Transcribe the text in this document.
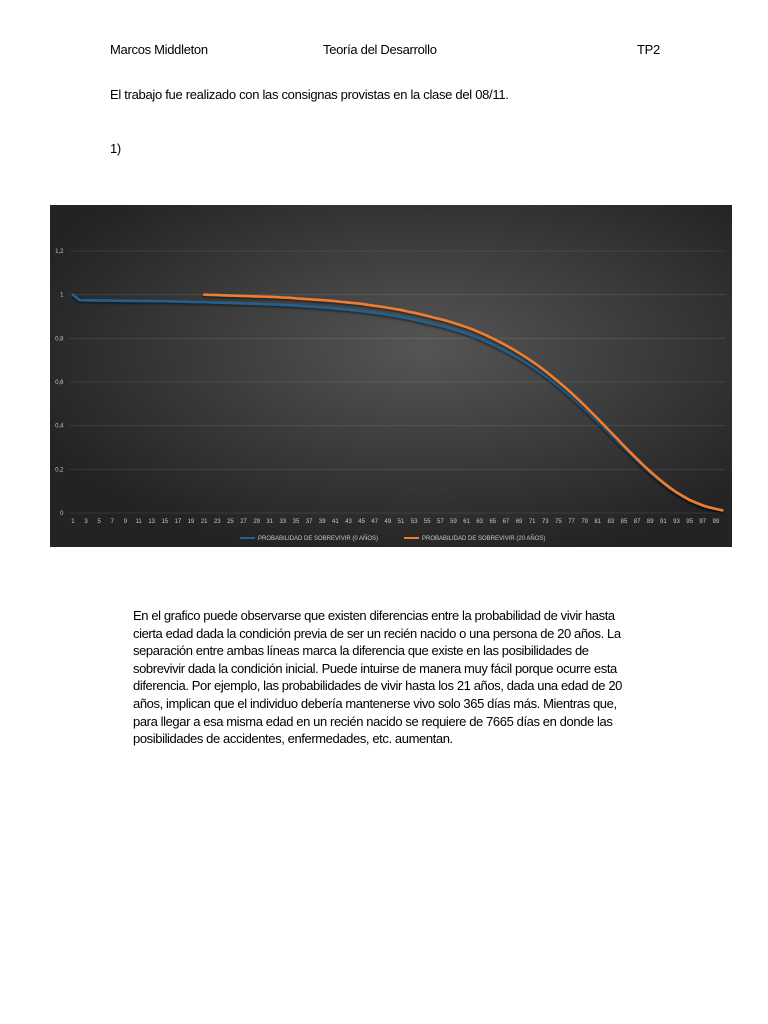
Marcos Middleton	Teoría del Desarrollo	TP2
El trabajo fue realizado con las consignas provistas en la clase del 08/11.
1)
0
0,2
0,4
0,6
0,8
1
1,2
1 3 5 7 9 11 13 15 17 19 21 23 25 27 29 31 33 35 37 39 41 43 45 47 49 51 53 55 57 59 61 63 65 67 69 71 73 75 77 79 81 83 85 87 89 91 93 95 97 99
PROBABILIDAD DE SOBREVIVIR (0 AÑOS)	PROBABILIDAD DE SOBREVIVIR (20 AÑOS)
En el grafico puede observarse que existen diferencias entre la probabilidad de vivir hasta
cierta edad dada la condición previa de ser un recién nacido o una persona de 20 años. La
separación entre ambas líneas marca la diferencia que existe en las posibilidades de
sobrevivir dada la condición inicial. Puede intuirse de manera muy fácil porque ocurre esta
diferencia. Por ejemplo, las probabilidades de vivir hasta los 21 años, dada una edad de 20
años, implican que el individuo debería mantenerse vivo solo 365 días más. Mientras que,
para llegar a esa misma edad en un recién nacido se requiere de 7665 días en donde las
posibilidades de accidentes, enfermedades, etc. aumentan.
